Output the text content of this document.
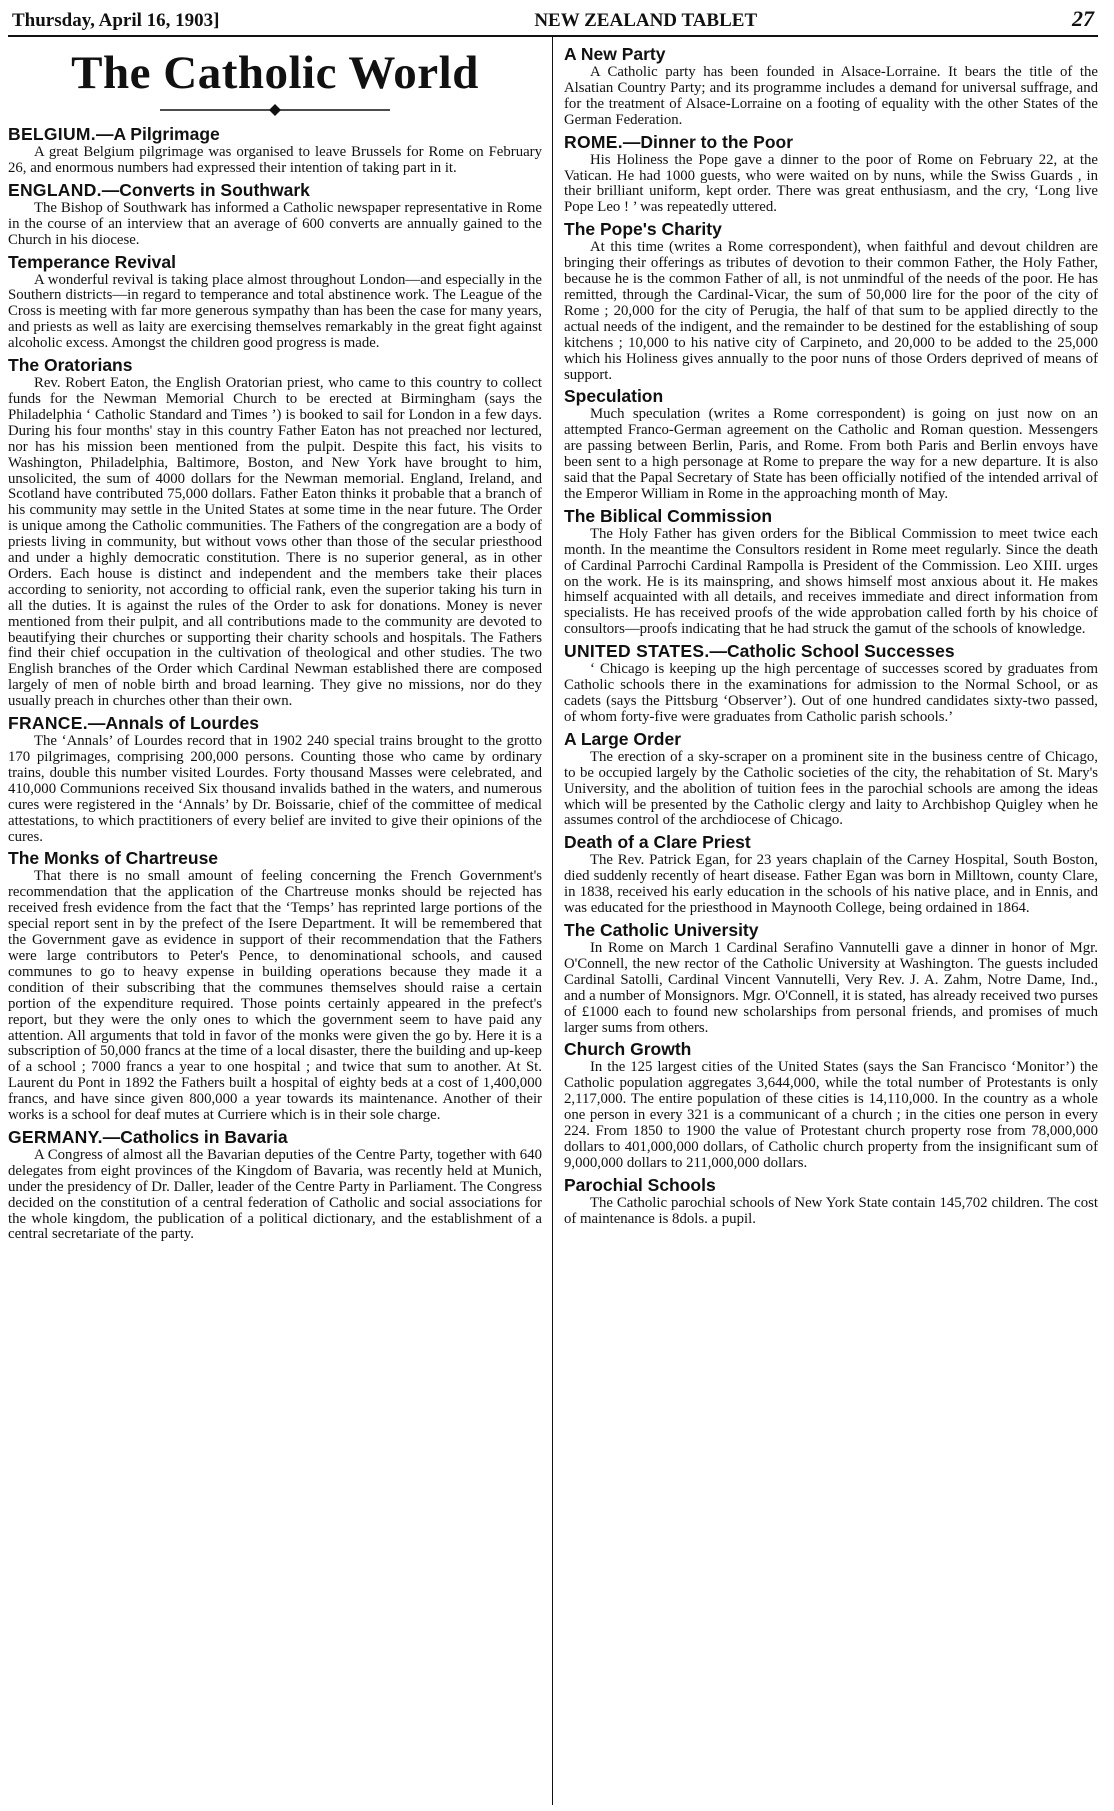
Thursday, April 16, 1903]	NEW ZEALAND TABLET	27
The Catholic World
BELGIUM.—A Pilgrimage

A great Belgium pilgrimage was organised to leave Brussels for Rome on February 26, and enormous numbers had expressed their intention of taking part in it.

ENGLAND.—Converts in Southwark

The Bishop of Southwark has informed a Catholic newspaper representative in Rome in the course of an interview that an average of 600 converts are annually gained to the Church in his diocese.

Temperance Revival

A wonderful revival is taking place almost throughout London—and especially in the Southern districts—in regard to temperance and total abstinence work. The League of the Cross is meeting with far more generous sympathy than has been the case for many years, and priests as well as laity are exercising themselves remarkably in the great fight against alcoholic excess. Amongst the children good progress is made.

The Oratorians

Rev. Robert Eaton, the English Oratorian priest, who came to this country to collect funds for the Newman Memorial Church to be erected at Birmingham (says the Philadelphia ‘ Catholic Standard and Times ’) is booked to sail for London in a few days. During his four months' stay in this country Father Eaton has not preached nor lectured, nor has his mission been mentioned from the pulpit. Despite this fact, his visits to Washington, Philadelphia, Baltimore, Boston, and New York have brought to him, unsolicited, the sum of 4000 dollars for the Newman memorial. England, Ireland, and Scotland have contributed 75,000 dollars. Father Eaton thinks it probable that a branch of his community may settle in the United States at some time in the near future. The Order is unique among the Catholic communities. The Fathers of the congregation are a body of priests living in community, but without vows other than those of the secular priesthood and under a highly democratic constitution. There is no superior general, as in other Orders. Each house is distinct and independent and the members take their places according to seniority, not according to official rank, even the superior taking his turn in all the duties. It is against the rules of the Order to ask for donations. Money is never mentioned from their pulpit, and all contributions made to the community are devoted to beautifying their churches or supporting their charity schools and hospitals. The Fathers find their chief occupation in the cultivation of theological and other studies. The two English branches of the Order which Cardinal Newman established there are composed largely of men of noble birth and broad learning. They give no missions, nor do they usually preach in churches other than their own.

FRANCE.—Annals of Lourdes

The ‘Annals’ of Lourdes record that in 1902 240 special trains brought to the grotto 170 pilgrimages, comprising 200,000 persons. Counting those who came by ordinary trains, double this number visited Lourdes. Forty thousand Masses were celebrated, and 410,000 Communions received Six thousand invalids bathed in the waters, and numerous cures were registered in the ‘Annals’ by Dr. Boissarie, chief of the committee of medical attestations, to which practitioners of every belief are invited to give their opinions of the cures.

The Monks of Chartreuse

That there is no small amount of feeling concerning the French Government's recommendation that the application of the Chartreuse monks should be rejected has received fresh evidence from the fact that the ‘Temps’ has reprinted large portions of the special report sent in by the prefect of the Isere Department. It will be remembered that the Government gave as evidence in support of their recommendation that the Fathers were large contributors to Peter's Pence, to denominational schools, and caused communes to go to heavy expense in building operations because they made it a condition of their subscribing that the communes themselves should raise a certain portion of the expenditure required. Those points certainly appeared in the prefect's report, but they were the only ones to which the government seem to have paid any attention. All arguments that told in favor of the monks were given the go by. Here it is a subscription of 50,000 francs at the time of a local disaster, there the building and up-keep of a school ; 7000 francs a year to one hospital ; and twice that sum to another. At St. Laurent du Pont in 1892 the Fathers built a hospital of eighty beds at a cost of 1,400,000 francs, and have since given 800,000 a year towards its maintenance. Another of their works is a school for deaf mutes at Curriere which is in their sole charge.

GERMANY.—Catholics in Bavaria

A Congress of almost all the Bavarian deputies of the Centre Party, together with 640 delegates from eight provinces of the Kingdom of Bavaria, was recently held at Munich, under the presidency of Dr. Daller, leader of the Centre Party in Parliament. The Congress decided on the constitution of a central federation of Catholic and social associations for the whole kingdom, the publication of a political dictionary, and the establishment of a central secretariate of the party.

A New Party

A Catholic party has been founded in Alsace-Lorraine. It bears the title of the Alsatian Country Party; and its programme includes a demand for universal suffrage, and for the treatment of Alsace-Lorraine on a footing of equality with the other States of the German Federation.

ROME.—Dinner to the Poor

His Holiness the Pope gave a dinner to the poor of Rome on February 22, at the Vatican. He had 1000 guests, who were waited on by nuns, while the Swiss Guards , in their brilliant uniform, kept order. There was great enthusiasm, and the cry, ‘Long live Pope Leo ! ’ was repeatedly uttered.

The Pope's Charity

At this time (writes a Rome correspondent), when faithful and devout children are bringing their offerings as tributes of devotion to their common Father, the Holy Father, because he is the common Father of all, is not unmindful of the needs of the poor. He has remitted, through the Cardinal-Vicar, the sum of 50,000 lire for the poor of the city of Rome ; 20,000 for the city of Perugia, the half of that sum to be applied directly to the actual needs of the indigent, and the remainder to be destined for the establishing of soup kitchens ; 10,000 to his native city of Carpineto, and 20,000 to be added to the 25,000 which his Holiness gives annually to the poor nuns of those Orders deprived of means of support.

Speculation

Much speculation (writes a Rome correspondent) is going on just now on an attempted Franco-German agreement on the Catholic and Roman question. Messengers are passing between Berlin, Paris, and Rome. From both Paris and Berlin envoys have been sent to a high personage at Rome to prepare the way for a new departure. It is also said that the Papal Secretary of State has been officially notified of the intended arrival of the Emperor William in Rome in the approaching month of May.

The Biblical Commission

The Holy Father has given orders for the Biblical Commission to meet twice each month. In the meantime the Consultors resident in Rome meet regularly. Since the death of Cardinal Parrochi Cardinal Rampolla is President of the Commission. Leo XIII. urges on the work. He is its mainspring, and shows himself most anxious about it. He makes himself acquainted with all details, and receives immediate and direct information from specialists. He has received proofs of the wide approbation called forth by his choice of consultors—proofs indicating that he had struck the gamut of the schools of knowledge.

UNITED STATES.—Catholic School Successes

‘ Chicago is keeping up the high percentage of successes scored by graduates from Catholic schools there in the examinations for admission to the Normal School, or as cadets (says the Pittsburg ‘Observer’). Out of one hundred candidates sixty-two passed, of whom forty-five were graduates from Catholic parish schools.’

A Large Order

The erection of a sky-scraper on a prominent site in the business centre of Chicago, to be occupied largely by the Catholic societies of the city, the rehabitation of St. Mary's University, and the abolition of tuition fees in the parochial schools are among the ideas which will be presented by the Catholic clergy and laity to Archbishop Quigley when he assumes control of the archdiocese of Chicago.

Death of a Clare Priest

The Rev. Patrick Egan, for 23 years chaplain of the Carney Hospital, South Boston, died suddenly recently of heart disease. Father Egan was born in Milltown, county Clare, in 1838, received his early education in the schools of his native place, and in Ennis, and was educated for the priesthood in Maynooth College, being ordained in 1864.

The Catholic University

In Rome on March 1 Cardinal Serafino Vannutelli gave a dinner in honor of Mgr. O'Connell, the new rector of the Catholic University at Washington. The guests included Cardinal Satolli, Cardinal Vincent Vannutelli, Very Rev. J. A. Zahm, Notre Dame, Ind., and a number of Monsignors. Mgr. O'Connell, it is stated, has already received two purses of £1000 each to found new scholarships from personal friends, and promises of much larger sums from others.

Church Growth

In the 125 largest cities of the United States (says the San Francisco ‘Monitor’) the Catholic population aggregates 3,644,000, while the total number of Protestants is only 2,117,000. The entire population of these cities is 14,110,000. In the country as a whole one person in every 321 is a communicant of a church ; in the cities one person in every 224. From 1850 to 1900 the value of Protestant church property rose from 78,000,000 dollars to 401,000,000 dollars, of Catholic church property from the insignificant sum of 9,000,000 dollars to 211,000,000 dollars.

Parochial Schools

The Catholic parochial schools of New York State contain 145,702 children. The cost of maintenance is 8dols. a pupil.
